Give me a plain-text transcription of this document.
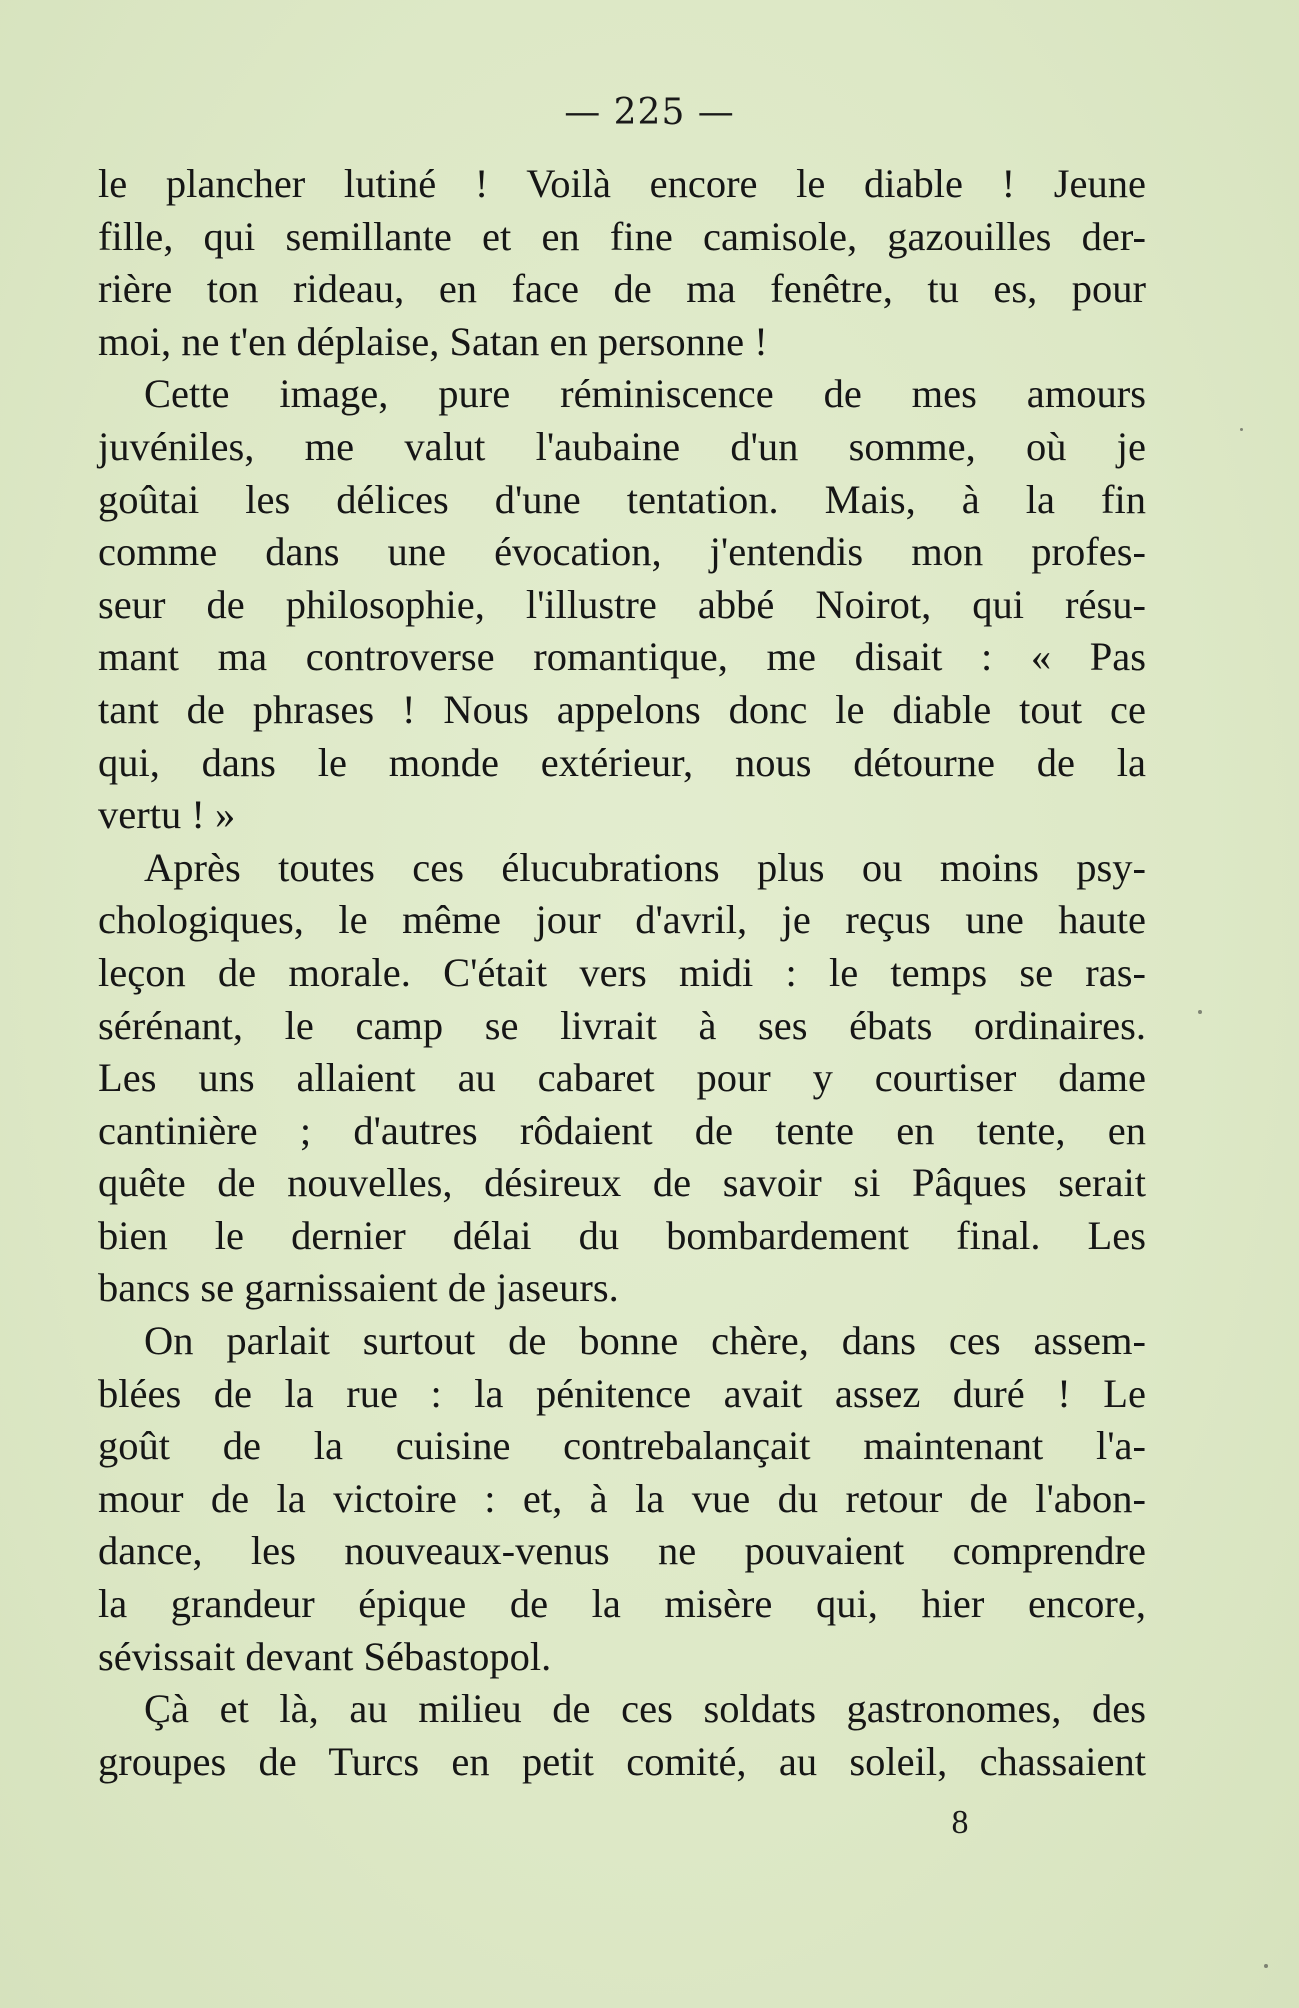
— 225 —
le plancher lutiné ! Voilà encore le diable ! Jeune
fille, qui semillante et en fine camisole, gazouilles der-
rière ton rideau, en face de ma fenêtre, tu es, pour
moi, ne t'en déplaise, Satan en personne !
Cette image, pure réminiscence de mes amours
juvéniles, me valut l'aubaine d'un somme, où je
goûtai les délices d'une tentation. Mais, à la fin
comme dans une évocation, j'entendis mon profes-
seur de philosophie, l'illustre abbé Noirot, qui résu-
mant ma controverse romantique, me disait : « Pas
tant de phrases ! Nous appelons donc le diable tout ce
qui, dans le monde extérieur, nous détourne de la
vertu ! »
Après toutes ces élucubrations plus ou moins psy-
chologiques, le même jour d'avril, je reçus une haute
leçon de morale. C'était vers midi : le temps se ras-
sérénant, le camp se livrait à ses ébats ordinaires.
Les uns allaient au cabaret pour y courtiser dame
cantinière ; d'autres rôdaient de tente en tente, en
quête de nouvelles, désireux de savoir si Pâques serait
bien le dernier délai du bombardement final. Les
bancs se garnissaient de jaseurs.
On parlait surtout de bonne chère, dans ces assem-
blées de la rue : la pénitence avait assez duré ! Le
goût de la cuisine contrebalançait maintenant l'a-
mour de la victoire : et, à la vue du retour de l'abon-
dance, les nouveaux-venus ne pouvaient comprendre
la grandeur épique de la misère qui, hier encore,
sévissait devant Sébastopol.
Çà et là, au milieu de ces soldats gastronomes, des
groupes de Turcs en petit comité, au soleil, chassaient
8
